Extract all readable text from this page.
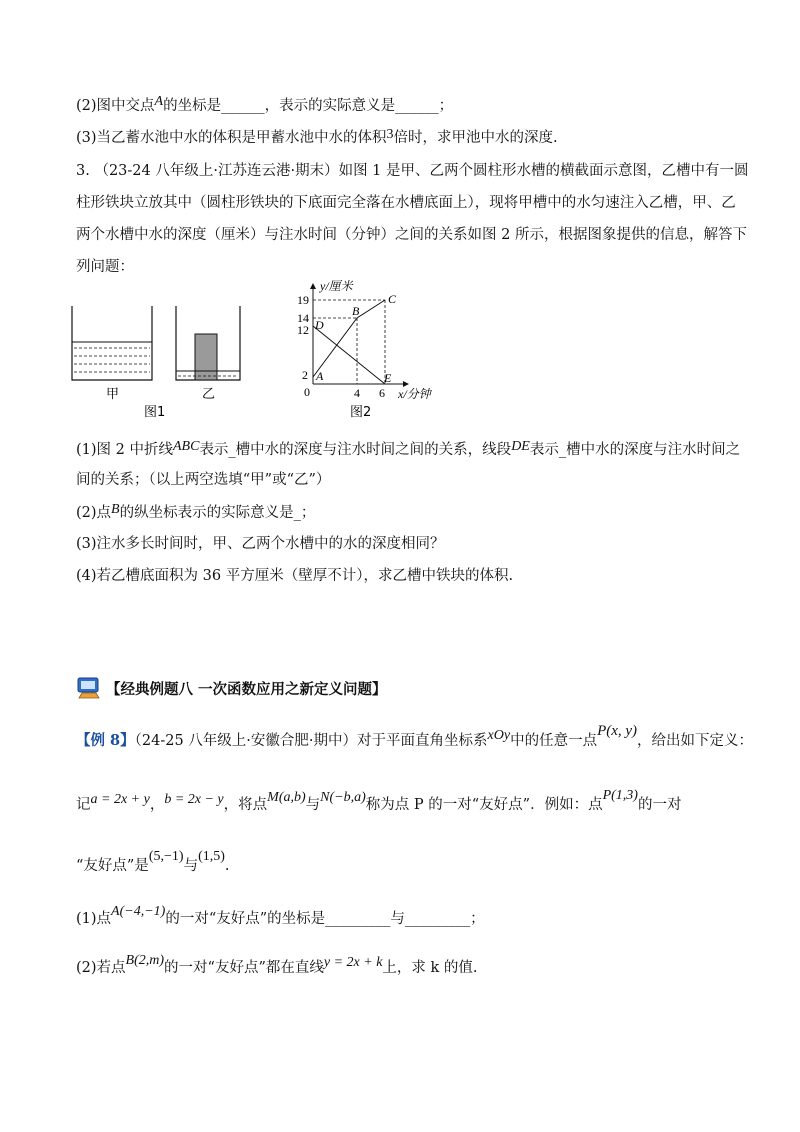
(2)图中交点A的坐标是______，表示的实际意义是______；
(3)当乙蓄水池中水的体积是甲蓄水池中水的体积3倍时，求甲池中水的深度.
3. （23-24 八年级上·江苏连云港·期末）如图 1 是甲、乙两个圆柱形水槽的横截面示意图，乙槽中有一圆
柱形铁块立放其中（圆柱形铁块的下底面完全落在水槽底面上），现将甲槽中的水匀速注入乙槽，甲、乙
两个水槽中水的深度（厘米）与注水时间（分钟）之间的关系如图 2 所示，根据图象提供的信息，解答下
列问题：
甲	乙
图1
y/厘米
x/分钟
19
14
12
2
0	4 6
A
B
C
D
E
图2
(1)图 2 中折线ABC表示_槽中水的深度与注水时间之间的关系，线段DE表示_槽中水的深度与注水时间之
间的关系；（以上两空选填“甲”或“乙”）
(2)点B的纵坐标表示的实际意义是_；
(3)注水多长时间时，甲、乙两个水槽中的水的深度相同？
(4)若乙槽底面积为 36 平方厘米（壁厚不计），求乙槽中铁块的体积.
【经典例题八 一次函数应用之新定义问题】
【例 8】（24-25 八年级上·安徽合肥·期中）对于平面直角坐标系xOy中的任意一点P(x, y)，给出如下定义：
记a = 2x + y，b = 2x − y，将点M(a,b)与N(−b,a)称为点 P 的一对“友好点”．例如：点P(1,3)的一对
“友好点”是(5,−1)与(1,5).
(1)点A(−4,−1)的一对“友好点”的坐标是_________与_________；
(2)若点B(2,m)的一对“友好点”都在直线y = 2x + k上，求 k 的值.
